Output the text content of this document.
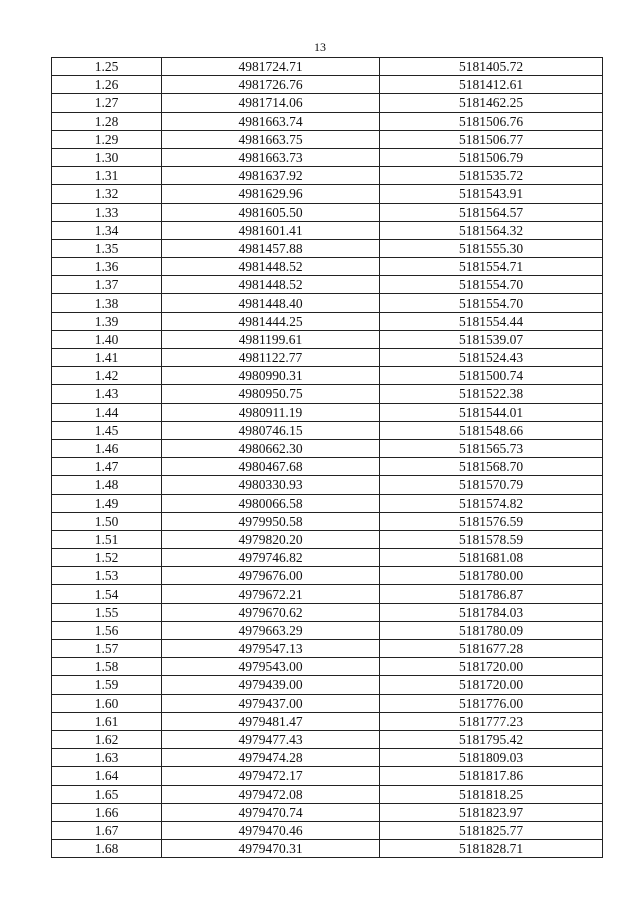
13
1.25	4981724.71	5181405.72
1.26	4981726.76	5181412.61
1.27	4981714.06	5181462.25
1.28	4981663.74	5181506.76
1.29	4981663.75	5181506.77
1.30	4981663.73	5181506.79
1.31	4981637.92	5181535.72
1.32	4981629.96	5181543.91
1.33	4981605.50	5181564.57
1.34	4981601.41	5181564.32
1.35	4981457.88	5181555.30
1.36	4981448.52	5181554.71
1.37	4981448.52	5181554.70
1.38	4981448.40	5181554.70
1.39	4981444.25	5181554.44
1.40	4981199.61	5181539.07
1.41	4981122.77	5181524.43
1.42	4980990.31	5181500.74
1.43	4980950.75	5181522.38
1.44	4980911.19	5181544.01
1.45	4980746.15	5181548.66
1.46	4980662.30	5181565.73
1.47	4980467.68	5181568.70
1.48	4980330.93	5181570.79
1.49	4980066.58	5181574.82
1.50	4979950.58	5181576.59
1.51	4979820.20	5181578.59
1.52	4979746.82	5181681.08
1.53	4979676.00	5181780.00
1.54	4979672.21	5181786.87
1.55	4979670.62	5181784.03
1.56	4979663.29	5181780.09
1.57	4979547.13	5181677.28
1.58	4979543.00	5181720.00
1.59	4979439.00	5181720.00
1.60	4979437.00	5181776.00
1.61	4979481.47	5181777.23
1.62	4979477.43	5181795.42
1.63	4979474.28	5181809.03
1.64	4979472.17	5181817.86
1.65	4979472.08	5181818.25
1.66	4979470.74	5181823.97
1.67	4979470.46	5181825.77
1.68	4979470.31	5181828.71
